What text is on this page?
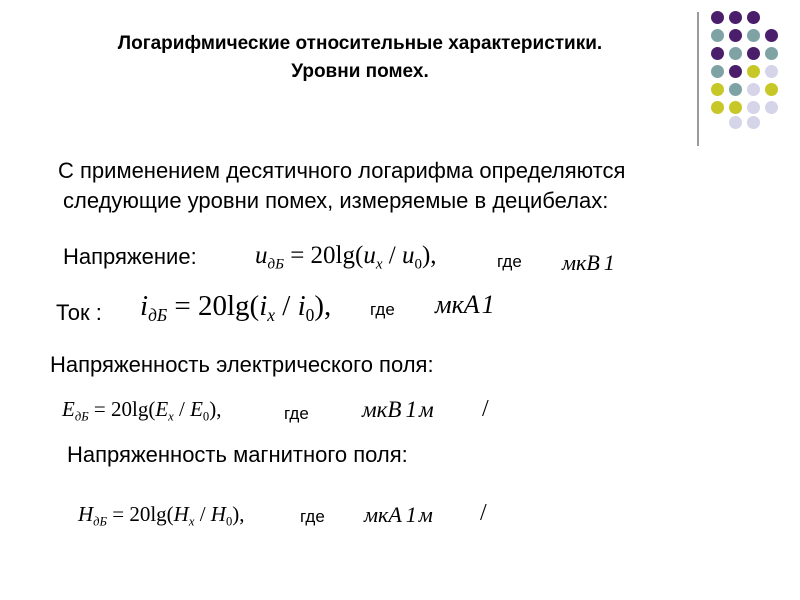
Логарифмические относительные характеристики.
Уровни помех.
С применением десятичного логарифма определяются
следующие уровни помех, измеряемые в децибелах:
Напряжение: $u_{дБ} = 20\lg(u_x / u_0)$,	где мкВ 1
Ток : $i_{дБ} = 20\lg(i_x / i_0)$, где мкА1
Напряженность электрического поля:
$E_{дБ} = 20\lg(E_x / E_0)$,	где мкВ 1м /
Напряженность магнитного поля:
$H_{дБ} = 20\lg(H_x / H_0)$,	где мкА 1м /
